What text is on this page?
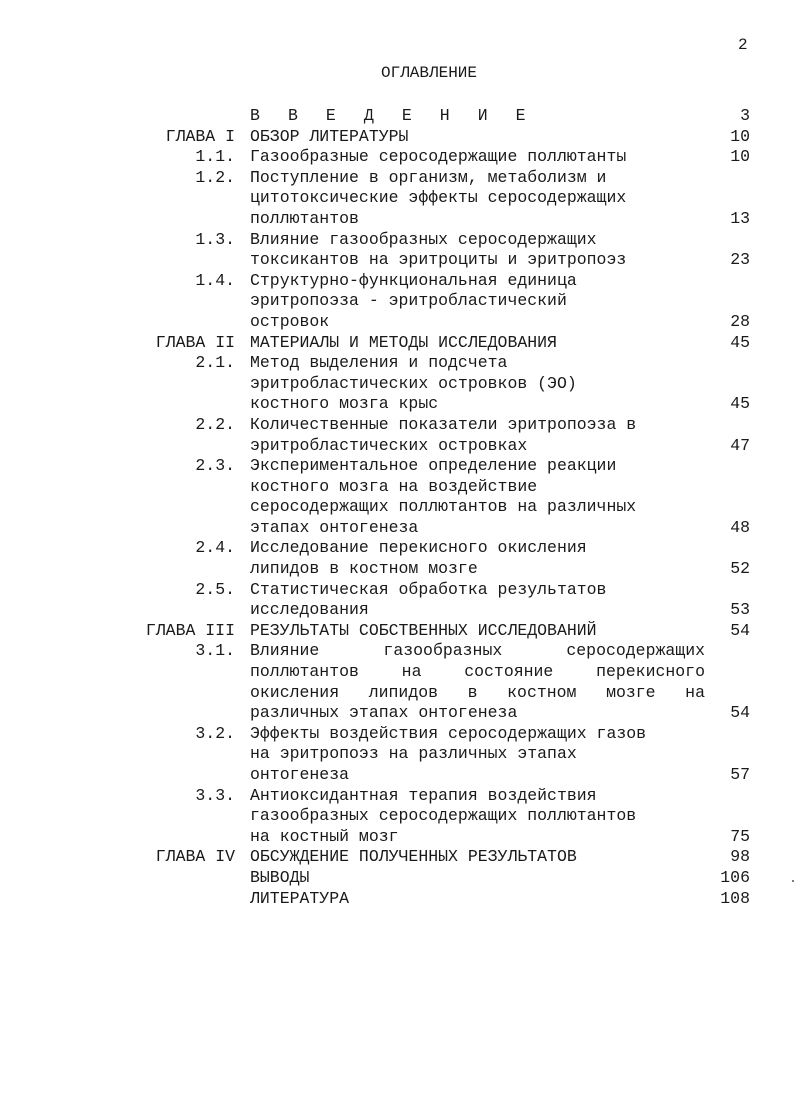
2
ОГЛАВЛЕНИЕ
В В Е Д Е Н И Е	3
ГЛАВА I ОБЗОР ЛИТЕРАТУРЫ	10
1.1. Газообразные серосодержащие поллютанты	10
1.2. Поступление в организм, метаболизм и
цитотоксические эффекты серосодержащих
поллютантов	13
1.3. Влияние газообразных серосодержащих
токсикантов на эритроциты и эритропоэз	23
1.4. Структурно-функциональная единица
эритропоэза - эритробластический
островок	28
ГЛАВА II МАТЕРИАЛЫ И МЕТОДЫ ИССЛЕДОВАНИЯ	45
2.1. Метод выделения и подсчета
эритробластических островков (ЭО)
костного мозга крыс	45
2.2. Количественные показатели эритропоэза в
эритробластических островках	47
2.3. Экспериментальное определение реакции
костного мозга на воздействие
серосодержащих поллютантов на различных
этапах онтогенеза	48
2.4. Исследование перекисного окисления
липидов в костном мозге	52
2.5. Статистическая обработка результатов
исследования	53
ГЛАВА III РЕЗУЛЬТАТЫ СОБСТВЕННЫХ ИССЛЕДОВАНИЙ	54
3.1. Влияние газообразных серосодержащих
поллютантов на состояние перекисного
окисления липидов в костном мозге на
различных этапах онтогенеза	54
3.2. Эффекты воздействия серосодержащих газов
на эритропоэз на различных этапах
онтогенеза	57
3.3. Антиоксидантная терапия воздействия
газообразных серосодержащих поллютантов
на костный мозг	75
ГЛАВА IV ОБСУЖДЕНИЕ ПОЛУЧЕННЫХ РЕЗУЛЬТАТОВ	98
ВЫВОДЫ	106
ЛИТЕРАТУРА	108
